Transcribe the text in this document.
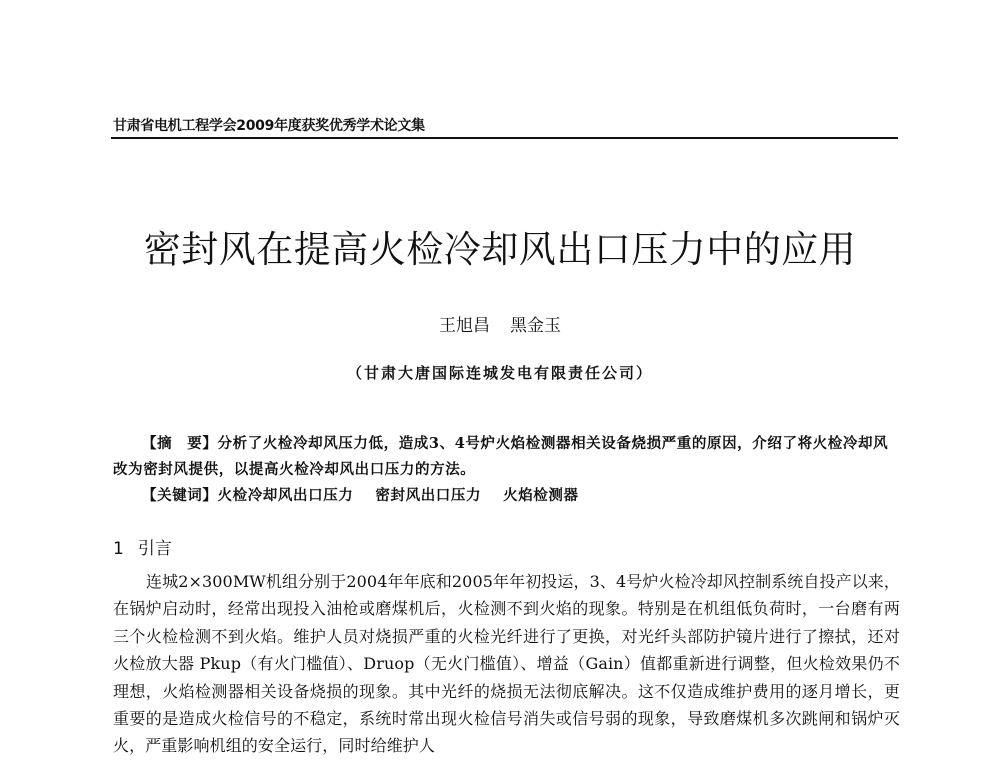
甘肃省电机工程学会2009年度获奖优秀学术论文集
密封风在提高火检冷却风出口压力中的应用
王旭昌 黑金玉
（甘肃大唐国际连城发电有限责任公司）

【摘　要】分析了火检冷却风压力低，造成3、4号炉火焰检测器相关设备烧损严重的原因，介绍了将火检冷却风改为密封风提供，以提高火检冷却风出口压力的方法。

【关键词】火检冷却风出口压力 密封风出口压力 火焰检测器

1 引言

连城2×300MW机组分别于2004年年底和2005年年初投运，3、4号炉火检冷却风控制系统自投产以来，在锅炉启动时，经常出现投入油枪或磨煤机后，火检测不到火焰的现象。特别是在机组低负荷时，一台磨有两三个火检检测不到火焰。维护人员对烧损严重的火检光纤进行了更换，对光纤头部防护镜片进行了擦拭，还对火检放大器 Pkup（有火门槛值）、Druop（无火门槛值）、增益（Gain）值都重新进行调整，但火检效果仍不理想，火焰检测器相关设备烧损的现象。其中光纤的烧损无法彻底解决。这不仅造成维护费用的逐月增长，更重要的是造成火检信号的不稳定，系统时常出现火检信号消失或信号弱的现象，导致磨煤机多次跳闸和锅炉灭火，严重影响机组的安全运行，同时给维护人
